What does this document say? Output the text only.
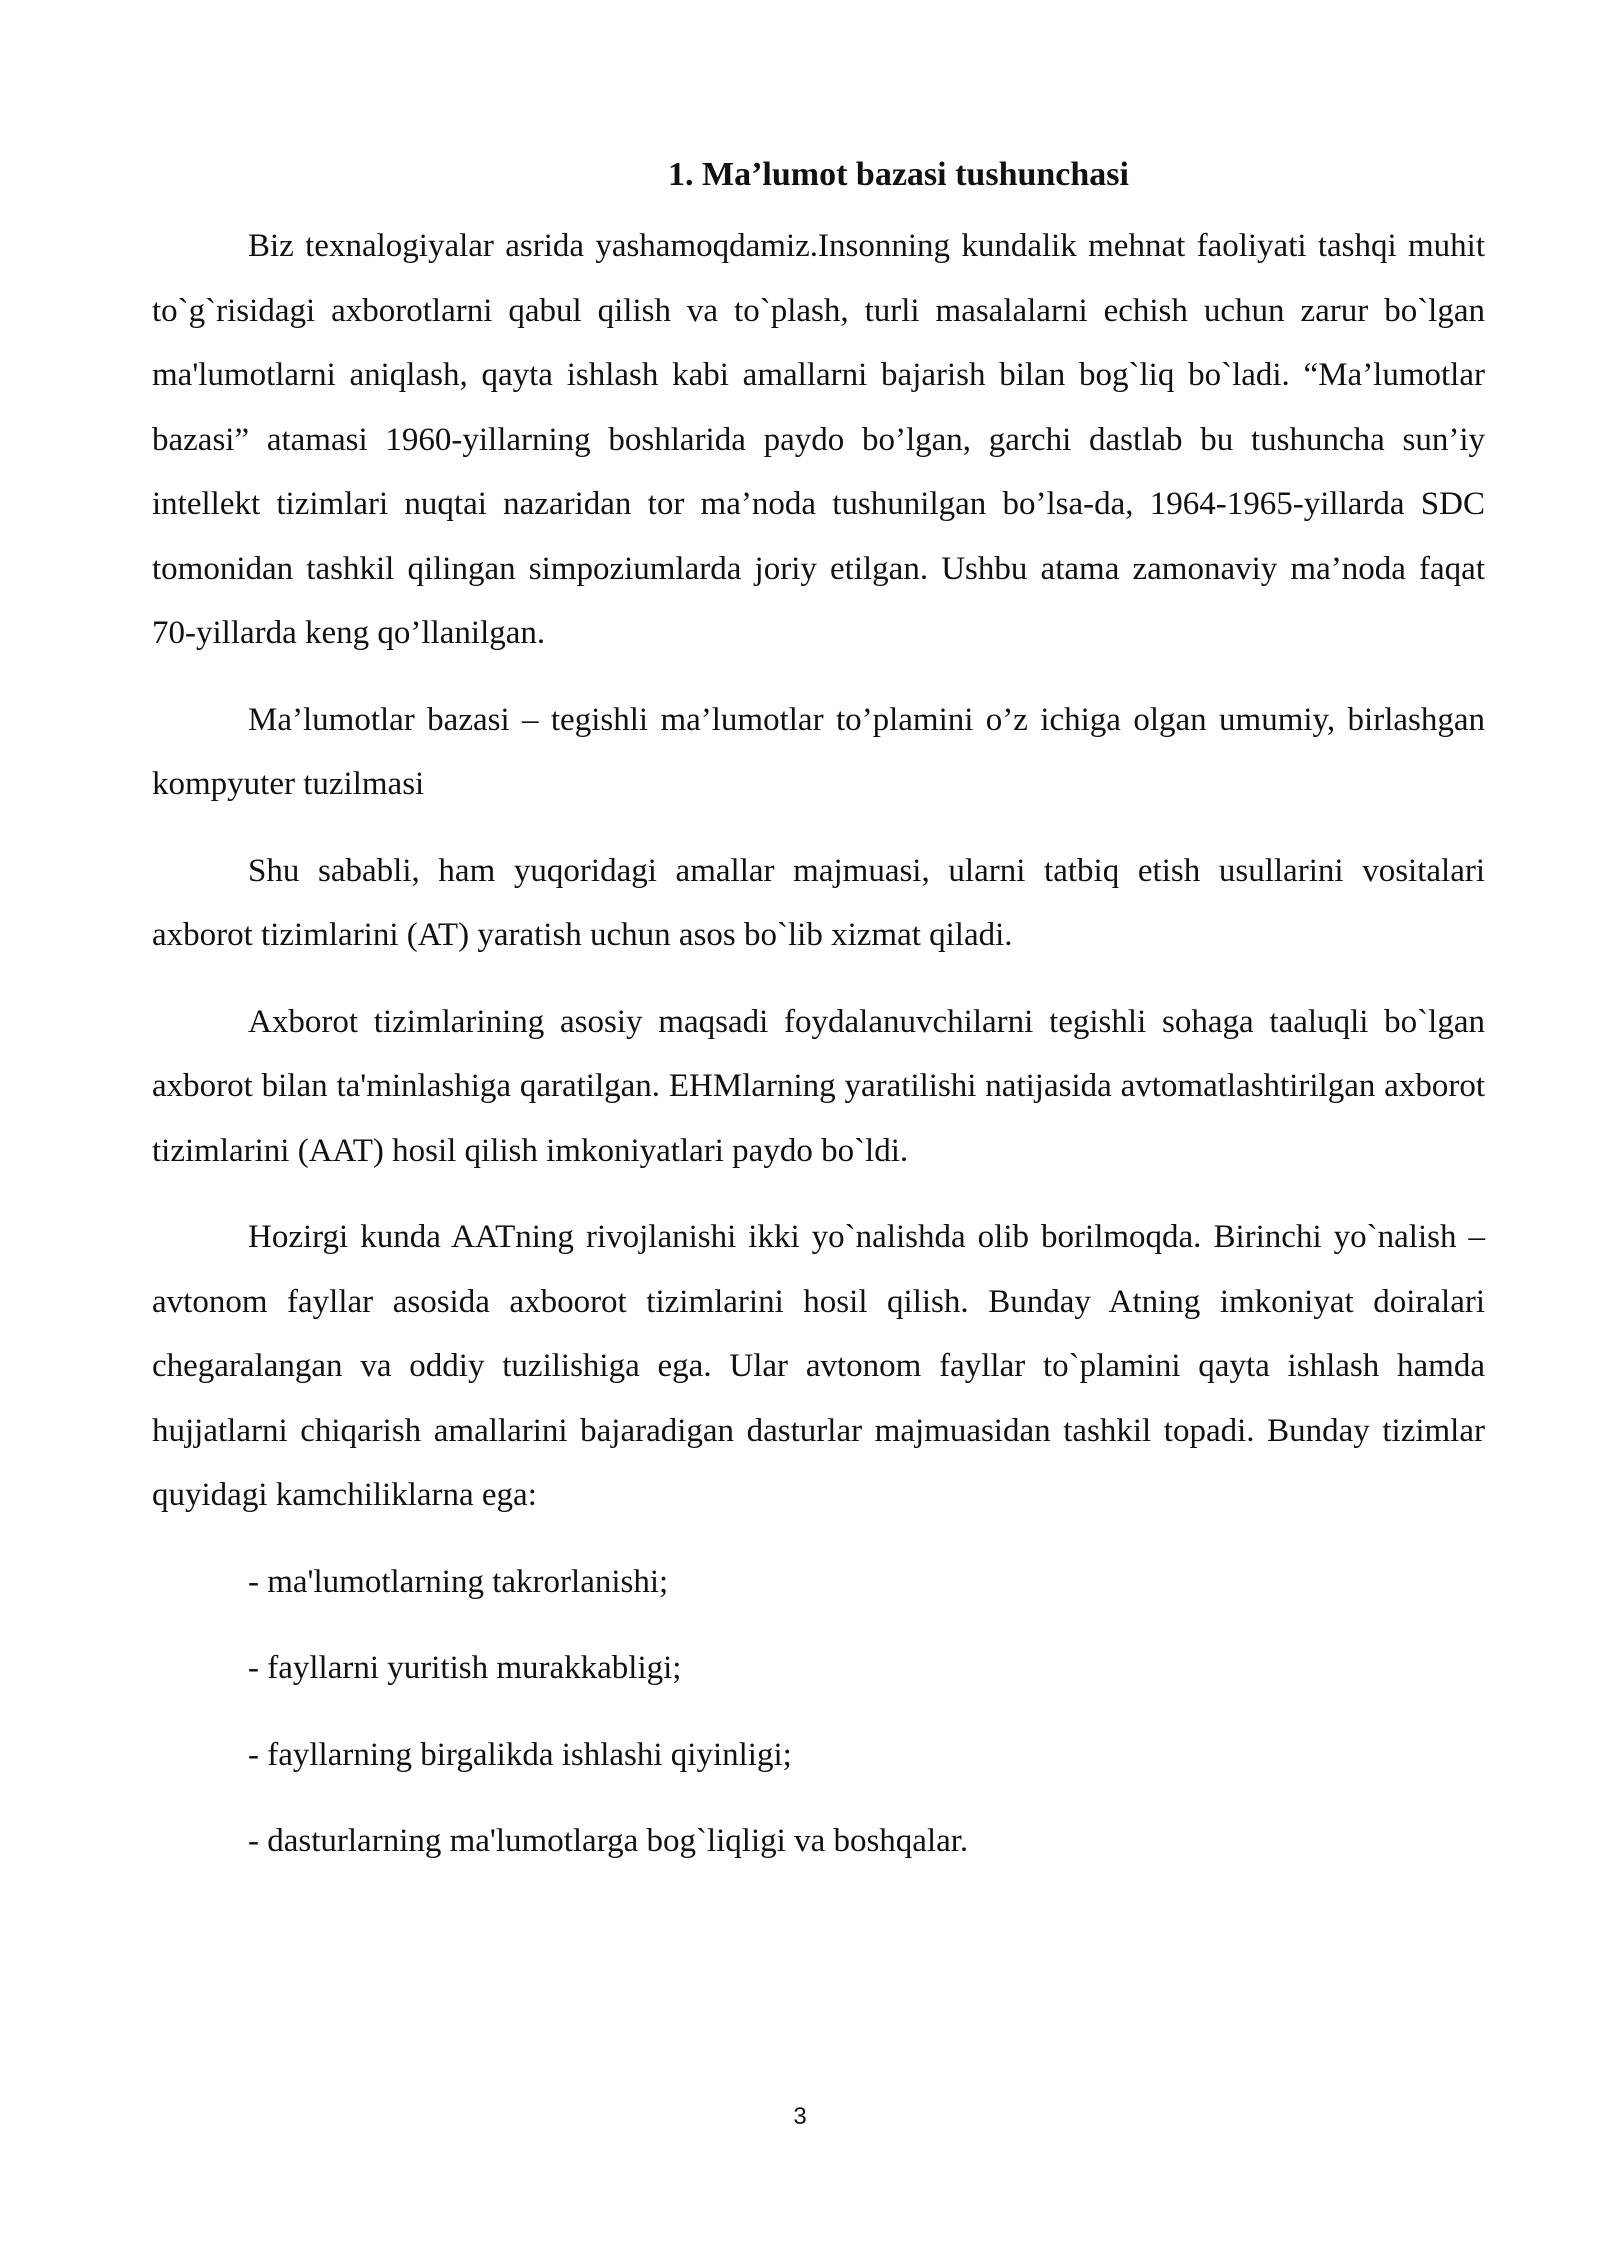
1. Ma’lumot bazasi tushunchasi

Biz texnalogiyalar asrida yashamoqdamiz.Insonning kundalik mehnat faoliyati tashqi muhit to`g`risidagi axborotlarni qabul qilish va to`plash, turli masalalarni echish uchun zarur bo`lgan ma'lumotlarni aniqlash, qayta ishlash kabi amallarni bajarish bilan bog`liq bo`ladi. “Ma’lumotlar bazasi” atamasi 1960-yillarning boshlarida paydo bo’lgan, garchi dastlab bu tushuncha sun’iy intellekt tizimlari nuqtai nazaridan tor ma’noda tushunilgan bo’lsa-da, 1964-1965-yillarda SDC tomonidan tashkil qilingan simpoziumlarda joriy etilgan. Ushbu atama zamonaviy ma’noda faqat 70-yillarda keng qo’llanilgan.

Ma’lumotlar bazasi – tegishli ma’lumotlar to’plamini o’z ichiga olgan umumiy, birlashgan kompyuter tuzilmasi

Shu sababli, ham yuqoridagi amallar majmuasi, ularni tatbiq etish usullarini vositalari axborot tizimlarini (AT) yaratish uchun asos bo`lib xizmat qiladi.

Axborot tizimlarining asosiy maqsadi foydalanuvchilarni tegishli sohaga taaluqli bo`lgan axborot bilan ta'minlashiga qaratilgan. EHMlarning yaratilishi natijasida avtomatlashtirilgan axborot tizimlarini (AAT) hosil qilish imkoniyatlari paydo bo`ldi.

Hozirgi kunda AATning rivojlanishi ikki yo`nalishda olib borilmoqda. Birinchi yo`nalish – avtonom fayllar asosida axboorot tizimlarini hosil qilish. Bunday Atning imkoniyat doiralari chegaralangan va oddiy tuzilishiga ega. Ular avtonom fayllar to`plamini qayta ishlash hamda hujjatlarni chiqarish amallarini bajaradigan dasturlar majmuasidan tashkil topadi. Bunday tizimlar quyidagi kamchiliklarna ega:

- ma'lumotlarning takrorlanishi;
- fayllarni yuritish murakkabligi;
- fayllarning birgalikda ishlashi qiyinligi;
- dasturlarning ma'lumotlarga bog`liqligi va boshqalar.
3
